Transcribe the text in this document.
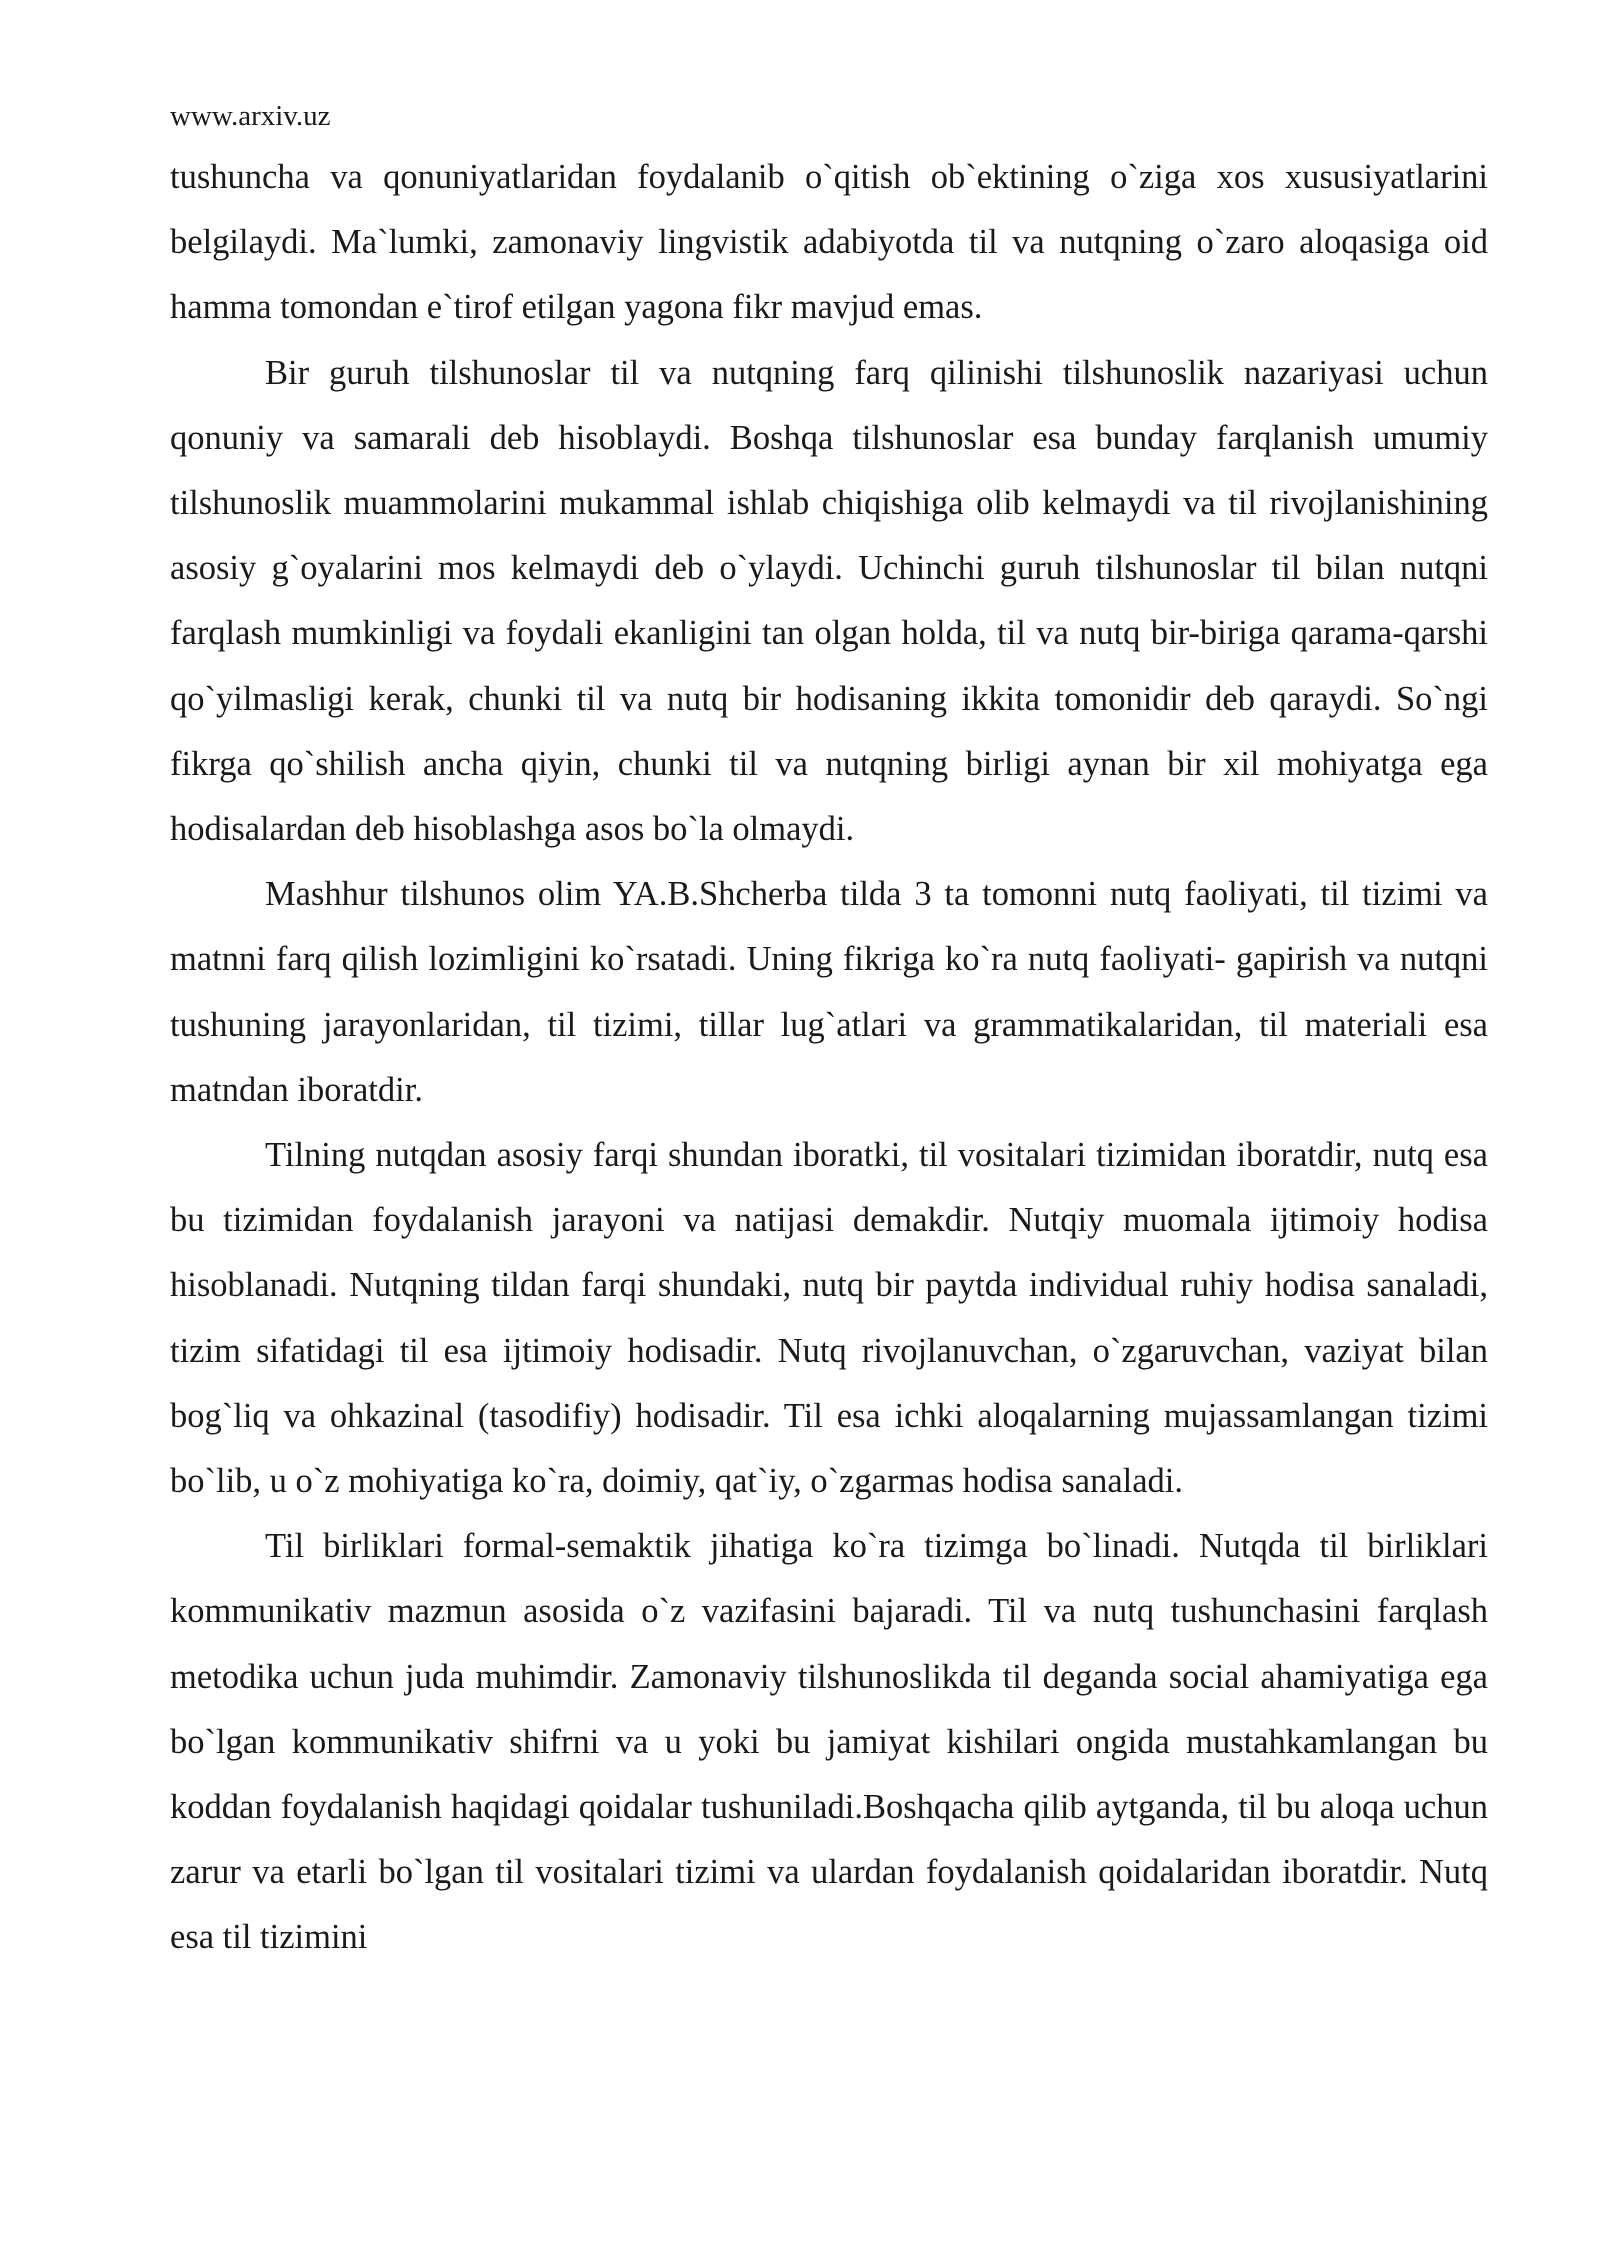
www.arxiv.uz

tushuncha va qonuniyatlaridan foydalanib o`qitish ob`ektining o`ziga xos xususiyatlarini belgilaydi. Ma`lumki, zamonaviy lingvistik adabiyotda til va nutqning o`zaro aloqasiga oid hamma tomondan e`tirof etilgan yagona fikr mavjud emas.

Bir guruh tilshunoslar til va nutqning farq qilinishi tilshunoslik nazariyasi uchun qonuniy va samarali deb hisoblaydi. Boshqa tilshunoslar esa bunday farqlanish umumiy tilshunoslik muammolarini mukammal ishlab chiqishiga olib kelmaydi va til rivojlanishining asosiy g`oyalarini mos kelmaydi deb o`ylaydi. Uchinchi guruh tilshunoslar til bilan nutqni farqlash mumkinligi va foydali ekanligini tan olgan holda, til va nutq bir-biriga qarama-qarshi qo`yilmasligi kerak, chunki til va nutq bir hodisaning ikkita tomonidir deb qaraydi. So`ngi fikrga qo`shilish ancha qiyin, chunki til va nutqning birligi aynan bir xil mohiyatga ega hodisalardan deb hisoblashga asos bo`la olmaydi.

Mashhur tilshunos olim YA.B.Shcherba tilda 3 ta tomonni nutq faoliyati, til tizimi va matnni farq qilish lozimligini ko`rsatadi. Uning fikriga ko`ra nutq faoliyati- gapirish va nutqni tushuning jarayonlaridan, til tizimi, tillar lug`atlari va grammatikalaridan, til materiali esa matndan iboratdir.

Tilning nutqdan asosiy farqi shundan iboratki, til vositalari tizimidan iboratdir, nutq esa bu tizimidan foydalanish jarayoni va natijasi demakdir. Nutqiy muomala ijtimoiy hodisa hisoblanadi. Nutqning tildan farqi shundaki, nutq bir paytda individual ruhiy hodisa sanaladi, tizim sifatidagi til esa ijtimoiy hodisadir. Nutq rivojlanuvchan, o`zgaruvchan, vaziyat bilan bog`liq va ohkazinal (tasodifiy) hodisadir. Til esa ichki aloqalarning mujassamlangan tizimi bo`lib, u o`z mohiyatiga ko`ra, doimiy, qat`iy, o`zgarmas hodisa sanaladi.

Til birliklari formal-semaktik jihatiga ko`ra tizimga bo`linadi. Nutqda til birliklari kommunikativ mazmun asosida o`z vazifasini bajaradi. Til va nutq tushunchasini farqlash metodika uchun juda muhimdir. Zamonaviy tilshunoslikda til deganda social ahamiyatiga ega bo`lgan kommunikativ shifrni va u yoki bu jamiyat kishilari ongida mustahkamlangan bu koddan foydalanish haqidagi qoidalar tushuniladi.Boshqacha qilib aytganda, til bu aloqa uchun zarur va etarli bo`lgan til vositalari tizimi va ulardan foydalanish qoidalaridan iboratdir. Nutq esa til tizimini
